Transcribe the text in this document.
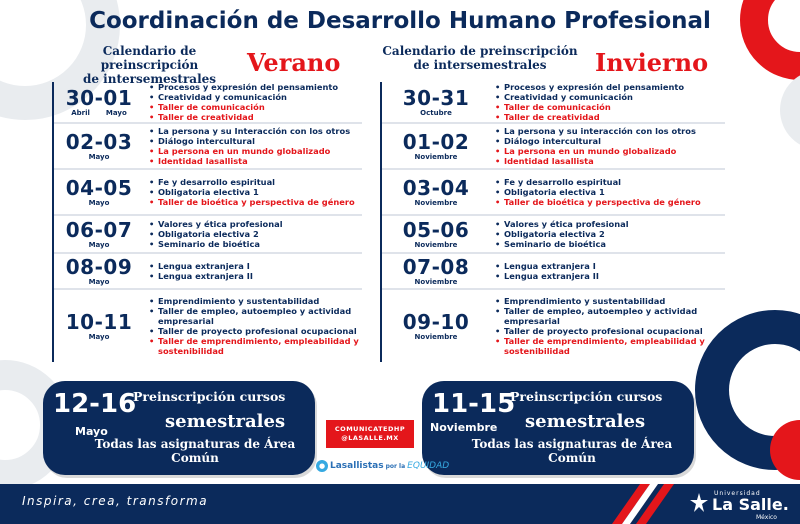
Coordinación de Desarrollo Humano Profesional
Calendario de preinscripción
de intersemestrales
Verano
30-01
Abril Mayo
• Procesos y expresión del pensamiento
• Creatividad y comunicación
• Taller de comunicación
• Taller de creatividad
02-03
Mayo
• La persona y su Interacción con los otros
• Diálogo intercultural
• La persona en un mundo globalizado
• Identidad lasallista
04-05
Mayo
• Fe y desarrollo espiritual
• Obligatoria electiva 1
• Taller de bioética y perspectiva de género
06-07
Mayo
• Valores y ética profesional
• Obligatoria electiva 2
• Seminario de bioética
08-09
Mayo
• Lengua extranjera I
• Lengua extranjera II
10-11
Mayo
• Emprendimiento y sustentabilidad
• Taller de empleo, autoempleo y actividad empresarial
• Taller de proyecto profesional ocupacional
• Taller de emprendimiento, empleabilidad y sostenibilidad
Calendario de preinscripción
de intersemestrales	Invierno
30-31
Octubre
• Procesos y expresión del pensamiento
• Creatividad y comunicación
• Taller de comunicación
• Taller de creatividad
01-02
Noviembre
• La persona y su interacción con los otros
• Diálogo intercultural
• La persona en un mundo globalizado
• Identidad lasallista
03-04
Noviembre
• Fe y desarrollo espiritual
• Obligatoria electiva 1
• Taller de bioética y perspectiva de género
05-06
Noviembre
• Valores y ética profesional
• Obligatoria electiva 2
• Seminario de bioética
07-08
Noviembre
• Lengua extranjera I
• Lengua extranjera II
09-10
Noviembre
• Emprendimiento y sustentabilidad
• Taller de empleo, autoempleo y actividad empresarial
• Taller de proyecto profesional ocupacional
• Taller de emprendimiento, empleabilidad y sostenibilidad
12-16
Mayo
Preinscripción cursos
semestrales
Todas las asignaturas de Área Común
11-15
Noviembre
Preinscripción cursos
semestrales
Todas las asignaturas de Área Común
COMUNICATEDHP
@LASALLE.MX
● Lasallistas por la EQUIDAD
Inspira, crea, transforma
Universidad
La Salle.
México
